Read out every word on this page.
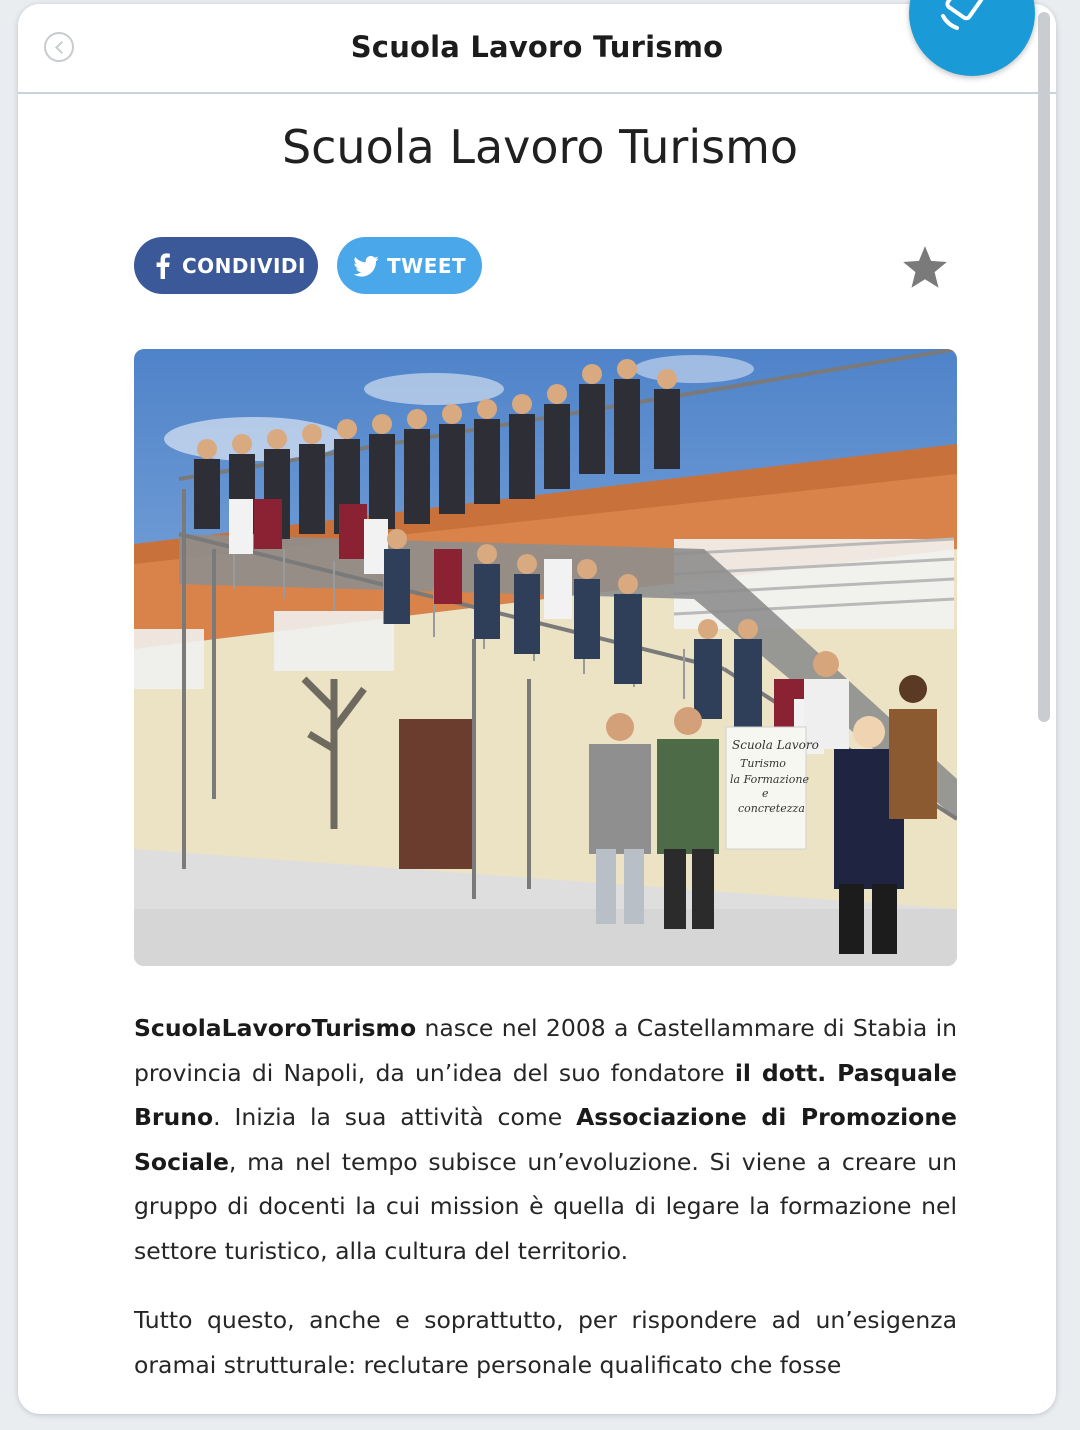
Scuola Lavoro Turismo
Scuola Lavoro Turismo
CONDIVIDI	TWEET
Scuola Lavoro
Turismo
la Formazione
e
concretezza

ScuolaLavoroTurismo nasce nel 2008 a Castellammare di Stabia in provincia di Napoli, da un’idea del suo fondatore il dott. Pasquale Bruno. Inizia la sua attività come Associazione di Promozione Sociale, ma nel tempo subisce un’evoluzione. Si viene a creare un gruppo di docenti la cui mission è quella di legare la formazione nel settore turistico, alla cultura del territorio.

Tutto questo, anche e soprattutto, per rispondere ad un’esigenza oramai strutturale: reclutare personale qualificato che fosse
